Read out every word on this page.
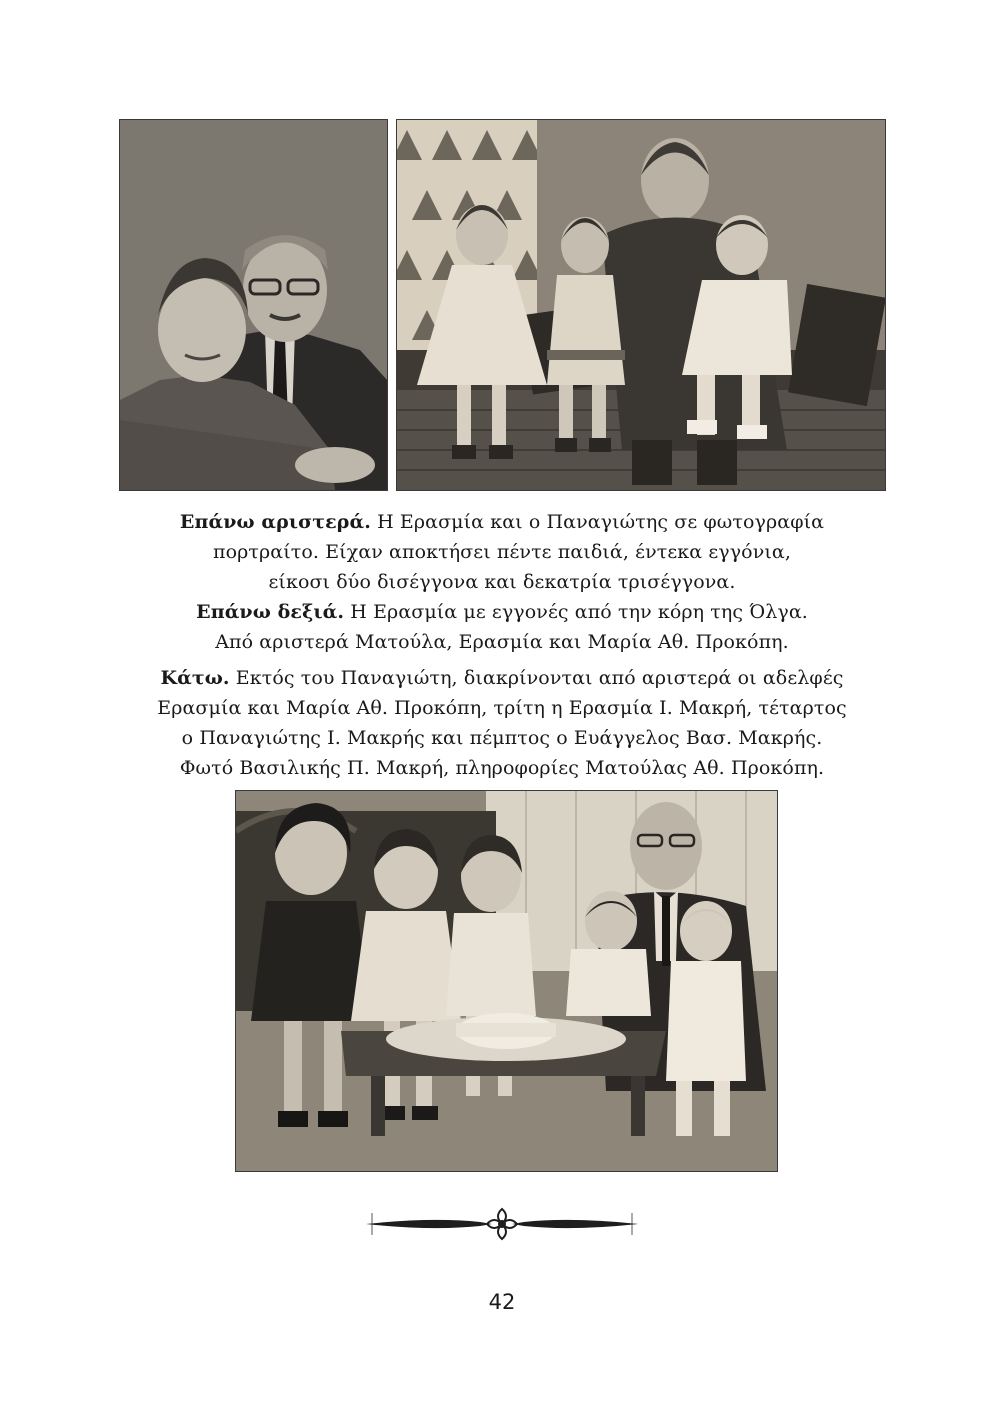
Επάνω αριστερά. Η Ερασμία και ο Παναγιώτης σε φωτογραφία
πορτραίτο. Είχαν αποκτήσει πέντε παιδιά, έντεκα εγγόνια,
είκοσι δύο δισέγγονα και δεκατρία τρισέγγονα.
Επάνω δεξιά. Η Ερασμία με εγγονές από την κόρη της Όλγα.
Από αριστερά Ματούλα, Ερασμία και Μαρία Αθ. Προκόπη.
Κάτω. Εκτός του Παναγιώτη, διακρίνονται από αριστερά οι αδελφές
Ερασμία και Μαρία Αθ. Προκόπη, τρίτη η Ερασμία Ι. Μακρή, τέταρτος
ο Παναγιώτης Ι. Μακρής και πέμπτος ο Ευάγγελος Βασ. Μακρής.
Φωτό Βασιλικής Π. Μακρή, πληροφορίες Ματούλας Αθ. Προκόπη.
42
